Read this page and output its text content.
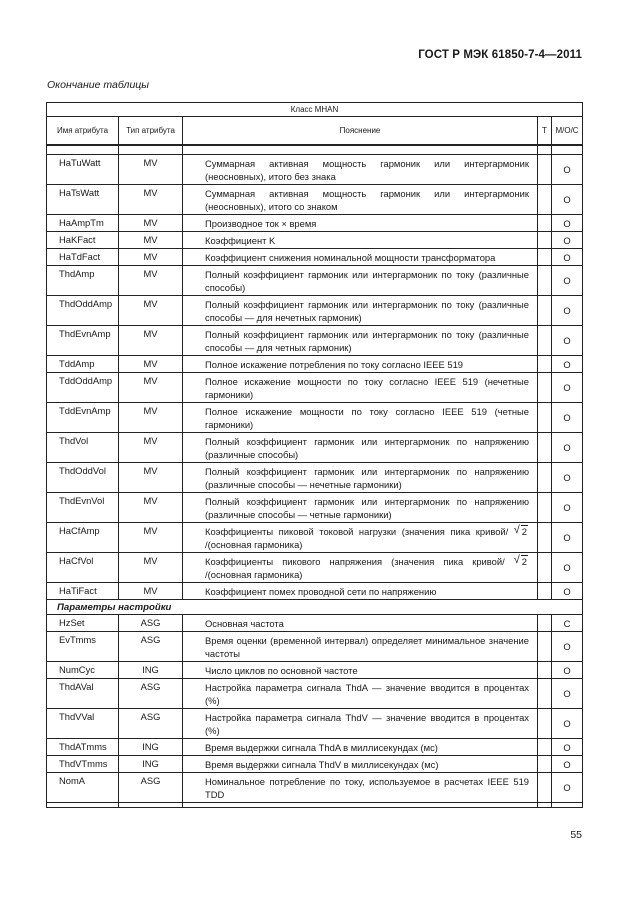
ГОСТ Р МЭК 61850-7-4—2011
Окончание таблицы
Класс MHAN				
Имя атрибута	Тип атрибута	Пояснение	T	M/O/C

HaTuWatt	MV	Суммарная активная мощность гармоник или интергармоник (неосновных), итого без знака		O
HaTsWatt	MV	Суммарная активная мощность гармоник или интергармоник (неосновных), итого со знаком		O
HaAmpTm	MV	Производное ток × время		O
HaKFact	MV	Коэффициент K		O
HaTdFact	MV	Коэффициент снижения номинальной мощности трансформатора		O
ThdAmp	MV	Полный коэффициент гармоник или интергармоник по току (различные способы)		O
ThdOddAmp	MV	Полный коэффициент гармоник или интергармоник по току (различные способы — для нечетных гармоник)		O
ThdEvnAmp	MV	Полный коэффициент гармоник или интергармоник по току (различные способы — для четных гармоник)		O
TddAmp	MV	Полное искажение потребления по току согласно IEEE 519		O
TddOddAmp	MV	Полное искажение мощности по току согласно IEEE 519 (нечетные гармоники)		O
TddEvnAmp	MV	Полное искажение мощности по току согласно IEEE 519 (четные гармоники)		O
ThdVol	MV	Полный коэффициент гармоник или интергармоник по напряжению (различные способы)		O
ThdOddVol	MV	Полный коэффициент гармоник или интергармоник по напряжению (различные способы — нечетные гармоники)		O
ThdEvnVol	MV	Полный коэффициент гармоник или интергармоник по напряжению (различные способы — четные гармоники)		O
HaCfAmp	MV	Коэффициенты пиковой токовой нагрузки (значения пика кривой/ √ 2/(основная гармоника)		O
HaCfVol	MV	Коэффициенты пикового напряжения (значения пика кривой/ √ 2/(основная гармоника)		O
HaTiFact	MV	Коэффициент помех проводной сети по напряжению		O
Параметры настройки				
HzSet	ASG	Основная частота		C
EvTmms	ASG	Время оценки (временной интервал) определяет минимальное значение частоты		O
NumCyc	ING	Число циклов по основной частоте		O
ThdAVal	ASG	Настройка параметра сигнала ThdA — значение вводится в процентах (%)		O
ThdVVal	ASG	Настройка параметра сигнала ThdV — значение вводится в процентах (%)		O
ThdATmms	ING	Время выдержки сигнала ThdA в миллисекундах (мс)		O
ThdVTmms	ING	Время выдержки сигнала ThdV в миллисекундах (мс)		O
NomA	ASG	Номинальное потребление по току, используемое в расчетах IEEE 519 TDD		O

55
